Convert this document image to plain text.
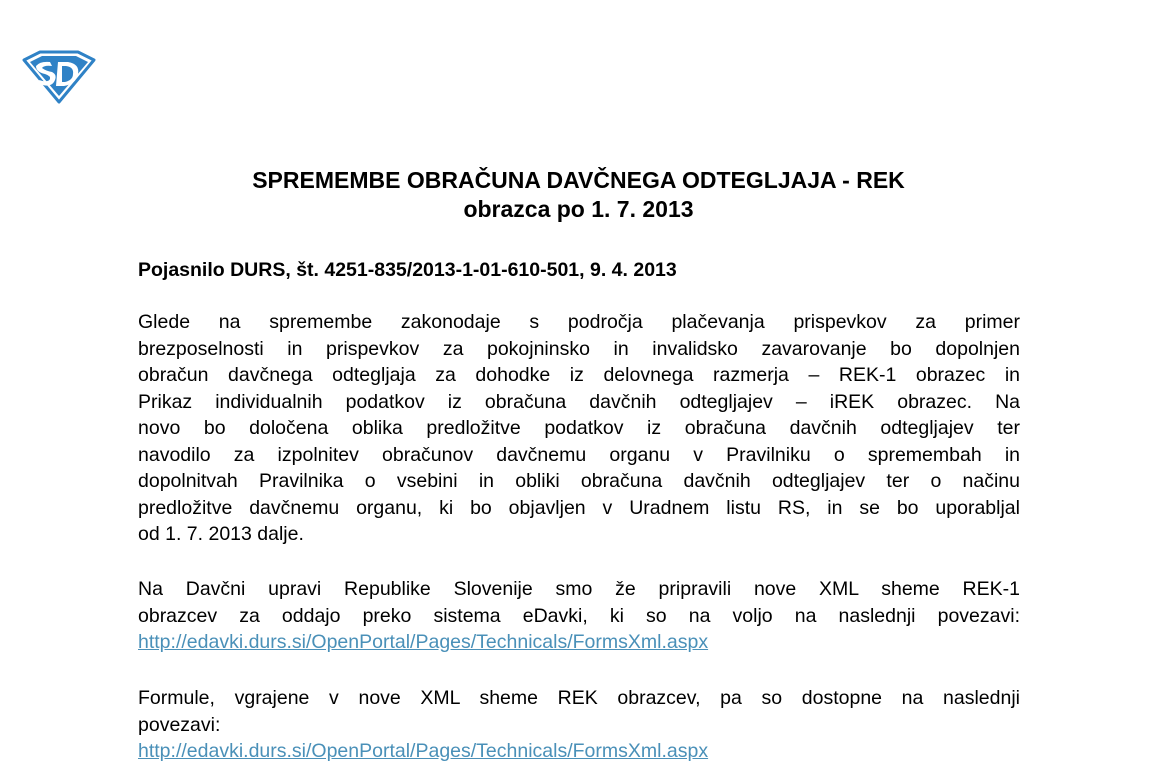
SPREMEMBE OBRAČUNA DAVČNEGA ODTEGLJAJA - REK
obrazca po 1. 7. 2013
Pojasnilo DURS, št. 4251-835/2013-1-01-610-501, 9. 4. 2013
Glede na spremembe zakonodaje s področja plačevanja prispevkov za primer
brezposelnosti in prispevkov za pokojninsko in invalidsko zavarovanje bo dopolnjen
obračun davčnega odtegljaja za dohodke iz delovnega razmerja – REK-1 obrazec in
Prikaz individualnih podatkov iz obračuna davčnih odtegljajev – iREK obrazec. Na
novo bo določena oblika predložitve podatkov iz obračuna davčnih odtegljajev ter
navodilo za izpolnitev obračunov davčnemu organu v Pravilniku o spremembah in
dopolnitvah Pravilnika o vsebini in obliki obračuna davčnih odtegljajev ter o načinu
predložitve davčnemu organu, ki bo objavljen v Uradnem listu RS, in se bo uporabljal
od 1. 7. 2013 dalje.
Na Davčni upravi Republike Slovenije smo že pripravili nove XML sheme REK-1
obrazcev za oddajo preko sistema eDavki, ki so na voljo na naslednji povezavi:
http://edavki.durs.si/OpenPortal/Pages/Technicals/FormsXml.aspx
Formule, vgrajene v nove XML sheme REK obrazcev, pa so dostopne na naslednji
povezavi:
http://edavki.durs.si/OpenPortal/Pages/Technicals/FormsXml.aspx
